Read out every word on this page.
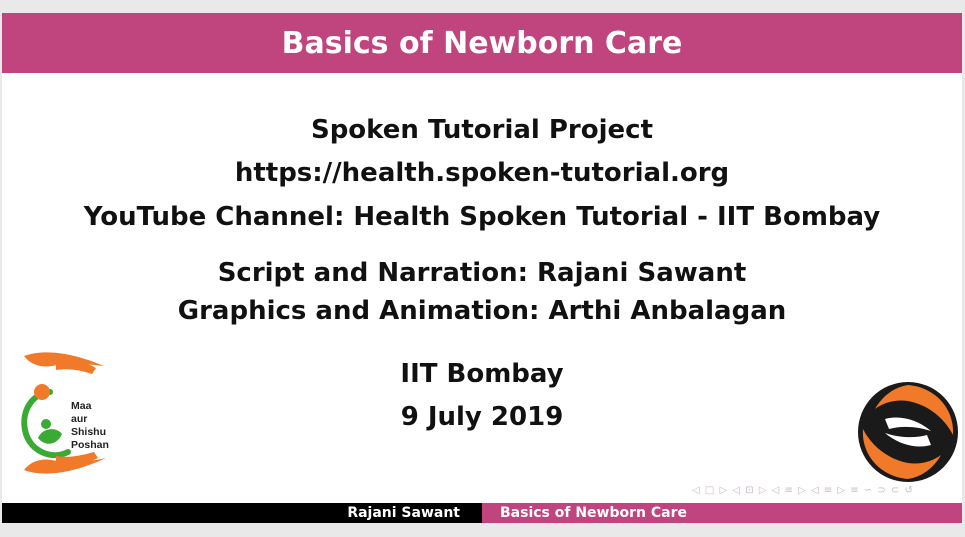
Basics of Newborn Care
Spoken Tutorial Project
https://health.spoken-tutorial.org
YouTube Channel: Health Spoken Tutorial - IIT Bombay
Script and Narration: Rajani Sawant
Graphics and Animation: Arthi Anbalagan
IIT Bombay
9 July 2019
Maa
aur
Shishu
Poshan
◁ □ ▷ ◁ ⊡ ▷ ◁ ≡ ▷ ◁ ≡ ▷ ≡ ∽ ⊃ ⊂ ↺
Rajani Sawant	Basics of Newborn Care
